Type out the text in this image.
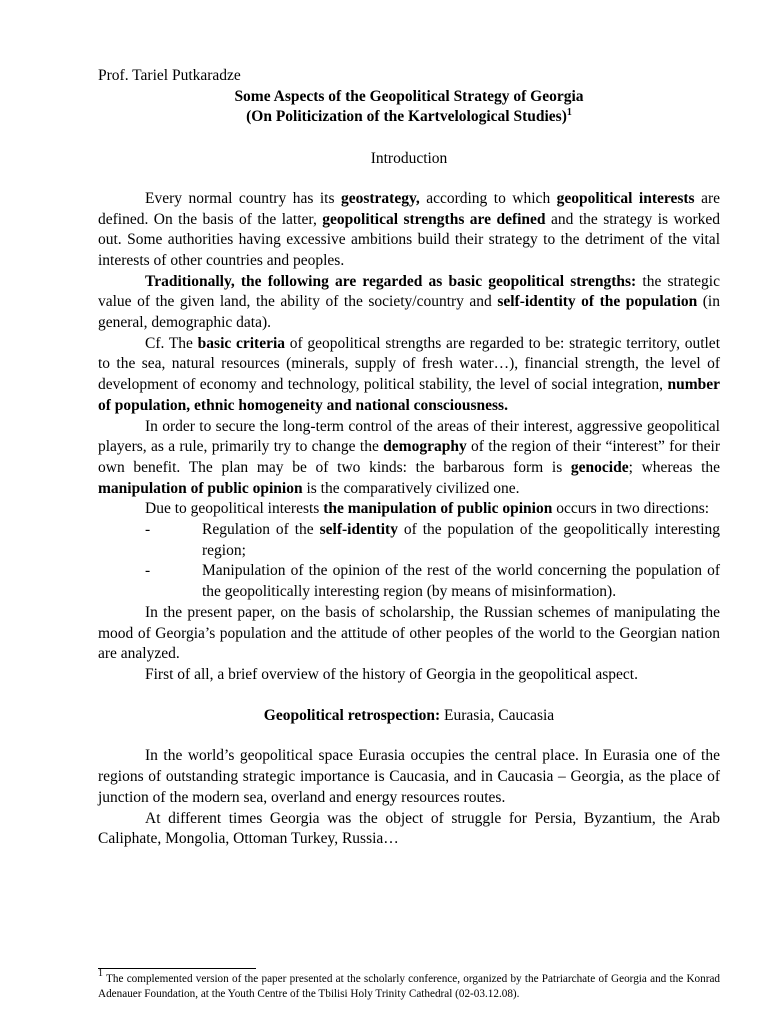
Prof. Tariel Putkaradze

Some Aspects of the Geopolitical Strategy of Georgia

(On Politicization of the Kartvelological Studies)$^1$

Introduction

Every normal country has its geostrategy, according to which geopolitical interests are defined. On the basis of the latter, geopolitical strengths are defined and the strategy is worked out. Some authorities having excessive ambitions build their strategy to the detriment of the vital interests of other countries and peoples.

Traditionally, the following are regarded as basic geopolitical strengths: the strategic value of the given land, the ability of the society/country and self-identity of the population (in general, demographic data).

Cf. The basic criteria of geopolitical strengths are regarded to be: strategic territory, outlet to the sea, natural resources (minerals, supply of fresh water…), financial strength, the level of development of economy and technology, political stability, the level of social integration, number of population, ethnic homogeneity and national consciousness.

In order to secure the long-term control of the areas of their interest, aggressive geopolitical players, as a rule, primarily try to change the demography of the region of their “interest” for their own benefit. The plan may be of two kinds: the barbarous form is genocide; whereas the manipulation of public opinion is the comparatively civilized one.

Due to geopolitical interests the manipulation of public opinion occurs in two directions:

-	Regulation of the self-identity of the population of the geopolitically interesting region;
-	Manipulation of the opinion of the rest of the world concerning the population of the geopolitically interesting region (by means of misinformation).

In the present paper, on the basis of scholarship, the Russian schemes of manipulating the mood of Georgia’s population and the attitude of other peoples of the world to the Georgian nation are analyzed.

First of all, a brief overview of the history of Georgia in the geopolitical aspect.

Geopolitical retrospection: Eurasia, Caucasia

In the world’s geopolitical space Eurasia occupies the central place. In Eurasia one of the regions of outstanding strategic importance is Caucasia, and in Caucasia – Georgia, as the place of junction of the modern sea, overland and energy resources routes.

At different times Georgia was the object of struggle for Persia, Byzantium, the Arab Caliphate, Mongolia, Ottoman Turkey, Russia…

$^1$ The complemented version of the paper presented at the scholarly conference, organized by the Patriarchate of Georgia and the Konrad Adenauer Foundation, at the Youth Centre of the Tbilisi Holy Trinity Cathedral (02-03.12.08).
